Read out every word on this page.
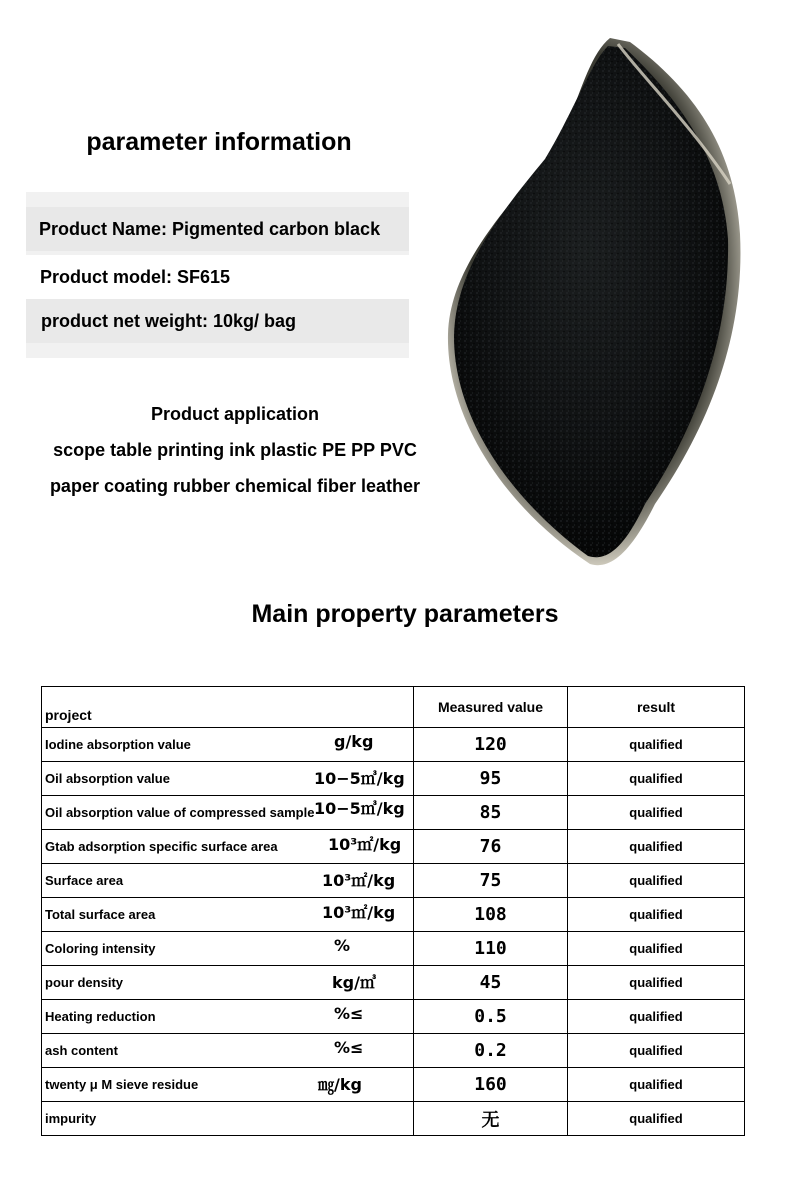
parameter information
Product Name: Pigmented carbon black
Product model: SF615
product net weight: 10kg/ bag
Product application
scope table printing ink plastic PE PP PVC
paper coating rubber chemical fiber leather
Main property parameters
project	Measured value	result
Iodine absorption value g/kg	120	qualified
Oil absorption value 10−5㎥/kg	95	qualified
Oil absorption value of compressed sample 10−5㎥/kg	85	qualified
Gtab adsorption specific surface area 10³㎡/kg	76	qualified
Surface area 10³㎡/kg	75	qualified
Total surface area 10³㎡/kg	108	qualified
Coloring intensity %	110	qualified
pour density kg/㎥	45	qualified
Heating reduction %≤	0.5	qualified
ash content %≤	0.2	qualified
twenty μ M sieve residue ㎎/kg	160	qualified
impurity	无	qualified
